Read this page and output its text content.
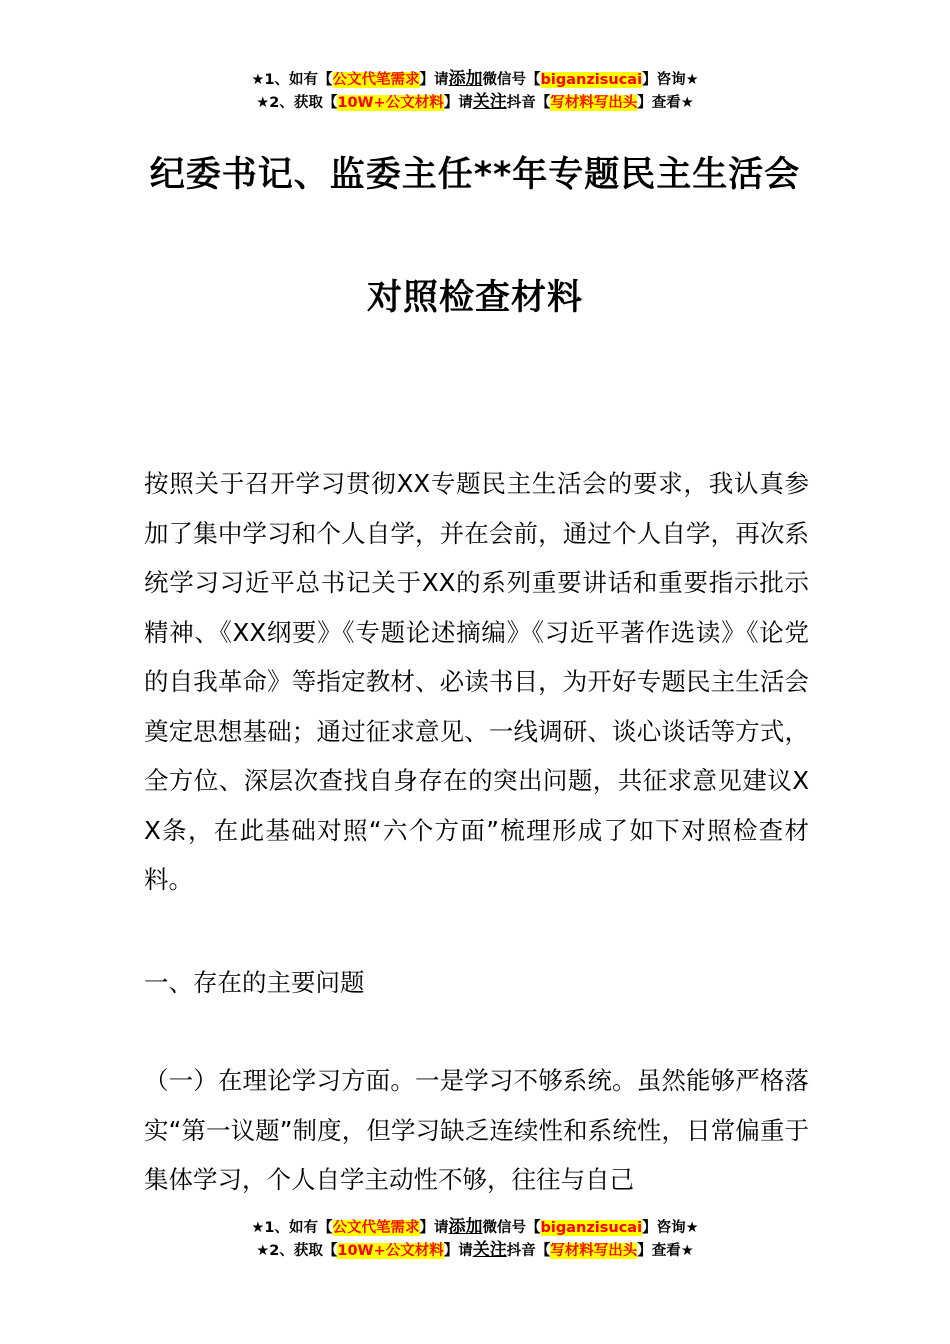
★1、如有【公文代笔需求】请添加微信号【biganzisucai】咨询★
★2、获取【10W+公文材料】请关注抖音【写材料写出头】查看★
纪委书记、监委主任**年专题民主生活会
对照检查材料

按照关于召开学习贯彻XX专题民主生活会的要求，我认真参加了集中学习和个人自学，并在会前，通过个人自学，再次系统学习习近平总书记关于XX的系列重要讲话和重要指示批示精神、《XX纲要》《专题论述摘编》《习近平著作选读》《论党的自我革命》等指定教材、必读书目，为开好专题民主生活会奠定思想基础；通过征求意见、一线调研、谈心谈话等方式，全方位、深层次查找自身存在的突出问题，共征求意见建议XX条，在此基础对照“六个方面”梳理形成了如下对照检查材料。

一、存在的主要问题

（一）在理论学习方面。一是学习不够系统。虽然能够严格落实“第一议题”制度，但学习缺乏连续性和系统性，日常偏重于集体学习，个人自学主动性不够，往往与自己

★1、如有【公文代笔需求】请添加微信号【biganzisucai】咨询★
★2、获取【10W+公文材料】请关注抖音【写材料写出头】查看★
